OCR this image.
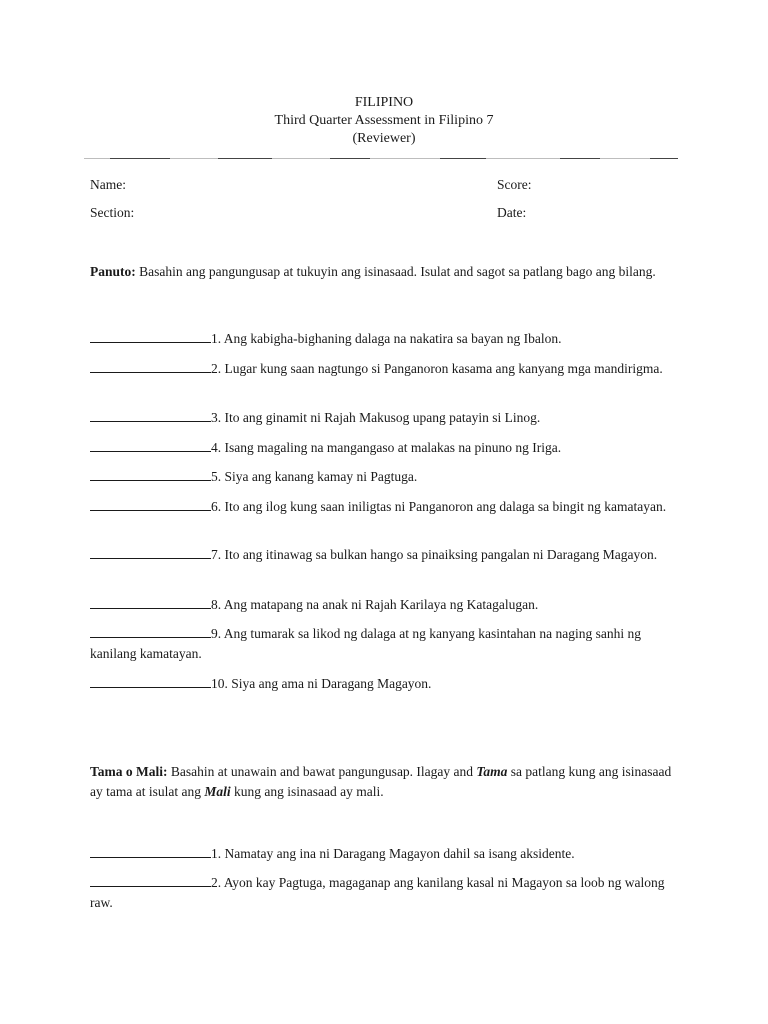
FILIPINO
Third Quarter Assessment in Filipino 7
(Reviewer)
Name:	Score:
Section:	Date:
Panuto: Basahin ang pangungusap at tukuyin ang isinasaad. Isulat and sagot sa patlang bago ang bilang.
1. Ang kabigha-bighaning dalaga na nakatira sa bayan ng Ibalon.
2. Lugar kung saan nagtungo si Panganoron kasama ang kanyang mga mandirigma.
3. Ito ang ginamit ni Rajah Makusog upang patayin si Linog.
4. Isang magaling na mangangaso at malakas na pinuno ng Iriga.
5. Siya ang kanang kamay ni Pagtuga.
6. Ito ang ilog kung saan iniligtas ni Panganoron ang dalaga sa bingit ng kamatayan.
7. Ito ang itinawag sa bulkan hango sa pinaiksing pangalan ni Daragang Magayon.
8. Ang matapang na anak ni Rajah Karilaya ng Katagalugan.
9. Ang tumarak sa likod ng dalaga at ng kanyang kasintahan na naging sanhi ng kanilang kamatayan.
10. Siya ang ama ni Daragang Magayon.
Tama o Mali: Basahin at unawain and bawat pangungusap. Ilagay and Tama sa patlang kung ang isinasaad ay tama at isulat ang Mali kung ang isinasaad ay mali.
1. Namatay ang ina ni Daragang Magayon dahil sa isang aksidente.
2. Ayon kay Pagtuga, magaganap ang kanilang kasal ni Magayon sa loob ng walong raw.
